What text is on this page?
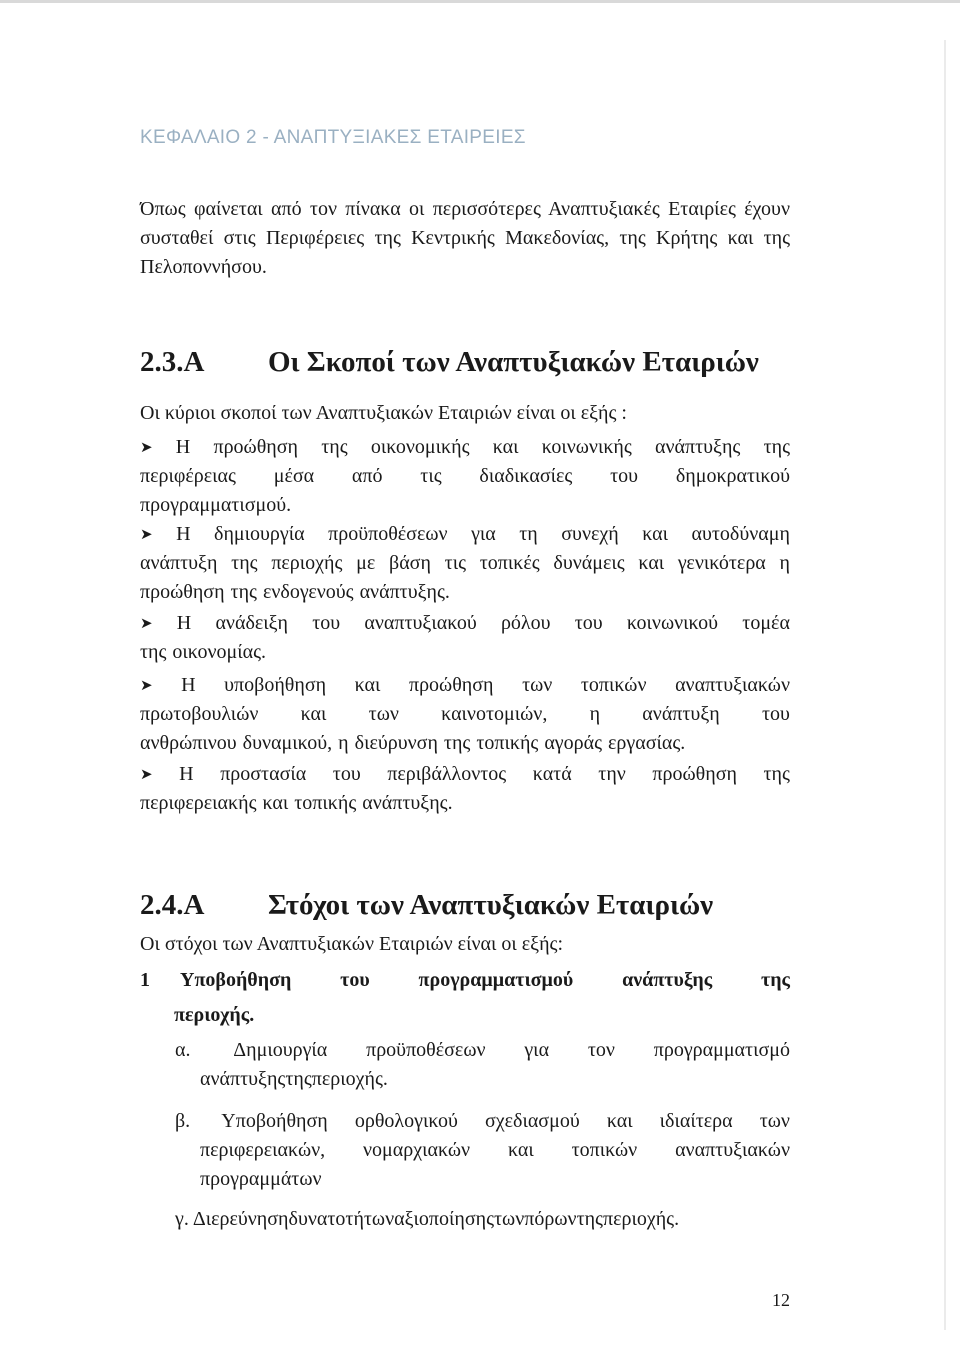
ΚΕΦΑΛΑΙΟ 2 - ΑΝΑΠΤΥΞΙΑΚΕΣ ΕΤΑΙΡΕΙΕΣ
Όπως φαίνεται από τον πίνακα οι περισσότερες Αναπτυξιακές Εταιρίες έχουν συσταθεί στις Περιφέρειες της Κεντρικής Μακεδονίας, της Κρήτης και της Πελοποννήσου.
2.3.Α Οι Σκοποί των Αναπτυξιακών Εταιριών
Οι κύριοι σκοποί των Αναπτυξιακών Εταιριών είναι οι εξής :
➤ Η προώθηση της οικονομικής και κοινωνικής ανάπτυξης της
περιφέρειας μέσα από τις διαδικασίες του δημοκρατικού
προγραμματισμού.
➤ Η δημιουργία προϋποθέσεων για τη συνεχή και αυτοδύναμη
ανάπτυξη της περιοχής με βάση τις τοπικές δυνάμεις και γενικότερα η
προώθηση της ενδογενούς ανάπτυξης.
➤ Η ανάδειξη του αναπτυξιακού ρόλου του κοινωνικού τομέα
της οικονομίας.
➤ Η υποβοήθηση και προώθηση των τοπικών αναπτυξιακών
πρωτοβουλιών και των καινοτομιών, η ανάπτυξη του
ανθρώπινου δυναμικού, η διεύρυνση της τοπικής αγοράς εργασίας.
➤ Η προστασία του περιβάλλοντος κατά την προώθηση της
περιφερειακής και τοπικής ανάπτυξης.
2.4.Α Στόχοι των Αναπτυξιακών Εταιριών
Οι στόχοι των Αναπτυξιακών Εταιριών είναι οι εξής:
1 Υποβοήθηση του προγραμματισμού ανάπτυξης της
περιοχής.
α. Δημιουργία προϋποθέσεων για τον προγραμματισμό
ανάπτυξης της περιοχής.
β. Υποβοήθηση ορθολογικού σχεδιασμού και ιδιαίτερα των
περιφερειακών, νομαρχιακών και τοπικών αναπτυξιακών
προγραμμάτων
γ. Διερεύνηση δυνατοτήτων αξιοποίησης των πόρων της περιοχής.
12
